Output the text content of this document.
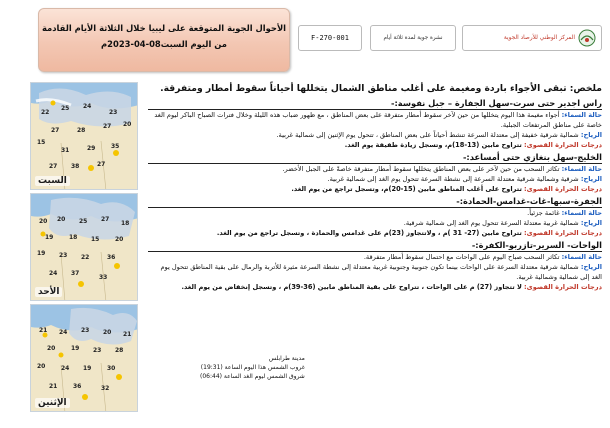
الأحوال الجوية المتوقعة على ليبيا خلال الثلاثة الأيام القادمة
من اليوم السبت08-04-2023م
F-270-001	نشرة جوية لمدة ثلاثة أيام	المركز الوطني للأرصاد الجوية
22
25 24
23
27	28
27 20
15
31	29	35
38	27
27
السبت
20 20 25 27
18
19	18 15	20
19 23 22	36
37
24
33
الأحد
21 24 23 20 21
20	19 23 28
20	24 19	30
36
21	32
الإثنين
ملخص: تبقى الأجواء باردة ومغيمة على أغلب مناطق الشمال يتخللها أحياناً سقوط أمطار ومتفرقة.
راس اجدير حتى سرت-سهل الجفارة – جبل نفوسة:-
حالة السماء: أجواء مغيمة هذا اليوم يتخللها من حين لآخر سقوط أمطار متفرقة على بعض المناطق ، مع ظهور ضباب هذه الليلة وخلال فترات الصباح الباكر ليوم الغد خاصة على مناطق المرتفعات الجبلية.
الرياح: شمالية شرقية خفيفة إلى معتدلة السرعة تنشط أحياناً على بعض المناطق ، تتحول يوم الإثنين إلى شمالية غربية.
درجات الحرارة القصوى: تتراوح مابين (13-18)م، وتسجل زيادة طفيفة يوم الغد.
الخليج-سهل بنغازي حتى أمساعد:-
حالة السماء: تكاثر السحب من حين لآخر على بعض المناطق يتخللها سقوط أمطار متفرقة خاصةً على الجبل الأخضر.
الرياح: شرقية وشمالية شرقية معتدلة السرعة إلى نشطة السرعة تتحول يوم الغد إلى شمالية غربية.
درجات الحرارة القصوى: تتراوح على أغلب المناطق مابين (15-20)م، وتسجل تراجع من يوم الغد.
الجفرة-سبها-غات-غدامس-الحمادة:-
حالة السماء: غائمة جزئياً.
الرياح: شمالية غربية معتدلة السرعة تتحول يوم الغد إلى شمالية شرقية.
درجات الحرارة القصوى: تتراوح مابين (27- 31 )م ، ولاتتجاوز (23)م على غدامس والحمادة ، وتسجل تراجع من يوم الغد.
الواحات- السرير-تازربو-الكفرة:-
حالة السماء: تكاثر السحب صباح اليوم على الواحات مع احتمال سقوط أمطار متفرقة.
الرياح: شمالية شرقية معتدلة السرعة على الواحات بينما تكون جنوبية وجنوبية غربية معتدلة إلى نشطة السرعة مثيرة للأتربة والرمال على بقية المناطق تتحول يوم الغد إلى شمالية وشمالية غربية.
درجات الحرارة القصوى: لا تتجاوز (27) م على الواحات ، تتراوح على بقية المناطق مابين (36-39)م ، وتسجل إنخفاض من يوم الغد.
مدينة طرابلس
غروب الشمس هذا اليوم الساعة (19:31)
شروق الشمس ليوم الغد الساعة (06:44)
